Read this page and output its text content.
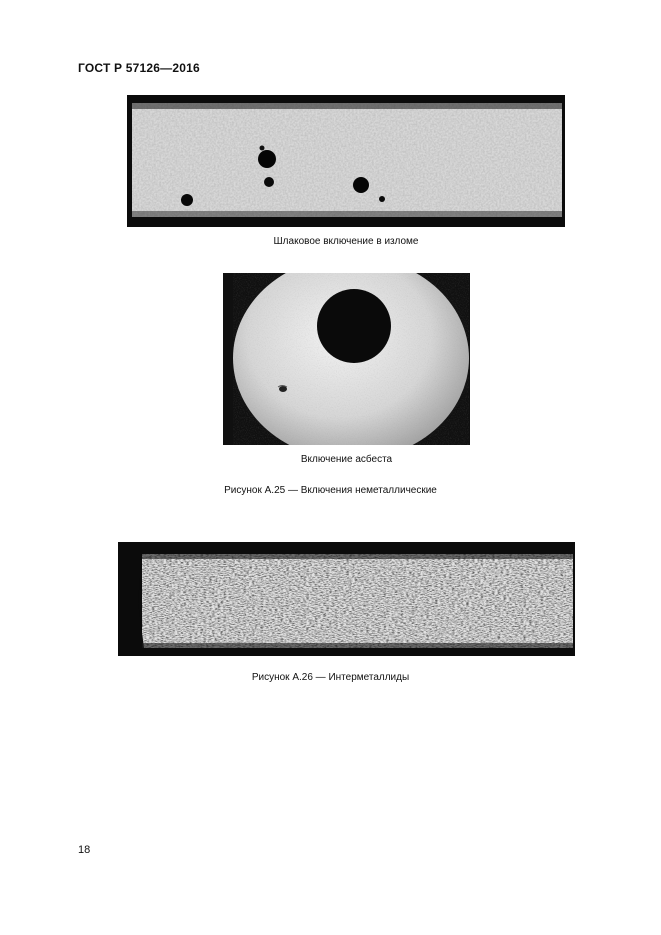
ГОСТ Р 57126—2016
Шлаковое включение в изломе
Включение асбеста
Рисунок А.25 — Включения неметаллические
Рисунок А.26 — Интерметаллиды
18
